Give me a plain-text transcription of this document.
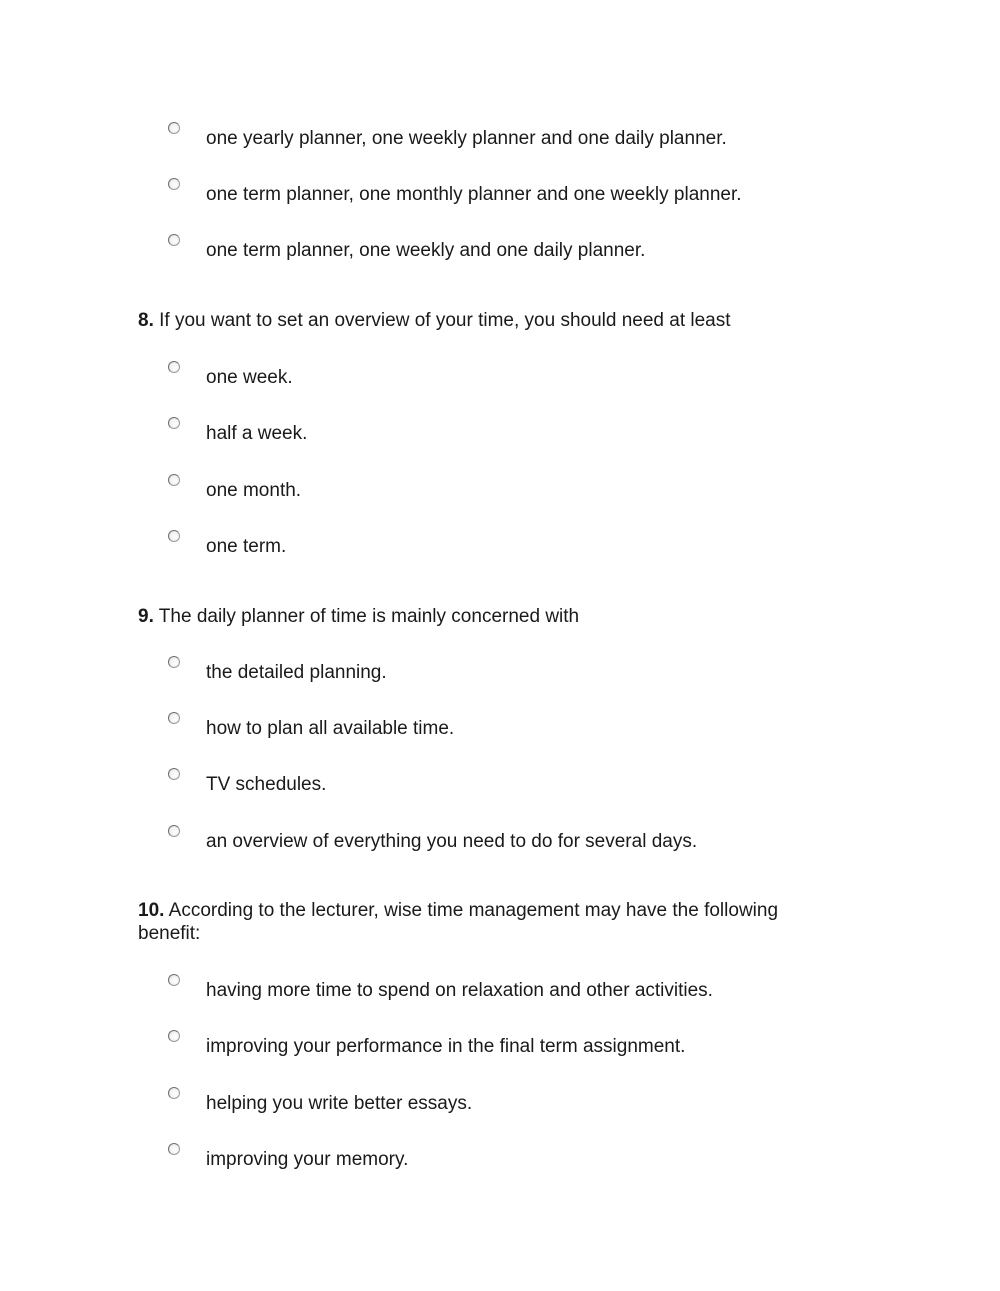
one yearly planner, one weekly planner and one daily planner.
one term planner, one monthly planner and one weekly planner.
one term planner, one weekly and one daily planner.
8. If you want to set an overview of your time, you should need at least
one week.
half a week.
one month.
one term.
9. The daily planner of time is mainly concerned with
the detailed planning.
how to plan all available time.
TV schedules.
an overview of everything you need to do for several days.
10. According to the lecturer, wise time management may have the following benefit:
having more time to spend on relaxation and other activities.
improving your performance in the final term assignment.
helping you write better essays.
improving your memory.
